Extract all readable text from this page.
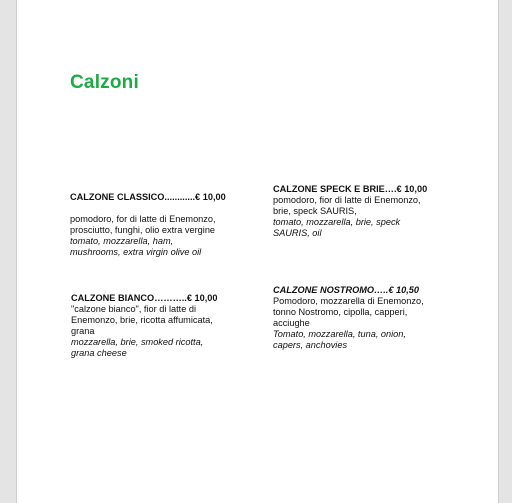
Calzoni
CALZONE CLASSICO............€ 10,00
pomodoro, for di latte di Enemonzo,
prosciutto, funghi, olio extra vergine
tomato, mozzarella, ham,
mushrooms, extra virgin olive oil
CALZONE SPECK E BRIE….€ 10,00
pomodoro, fior di latte di Enemonzo,
brie, speck SAURIS,
tomato, mozzarella, brie, speck
SAURIS, oil
CALZONE BIANCO………..€ 10,00
"calzone bianco", fior di latte di
Enemonzo, brie, ricotta affumicata,
grana
mozzarella, brie, smoked ricotta,
grana cheese
CALZONE NOSTROMO…..€ 10,50
Pomodoro, mozzarella di Enemonzo,
tonno Nostromo, cipolla, capperi,
acciughe
Tomato, mozzarella, tuna, onion,
capers, anchovies
